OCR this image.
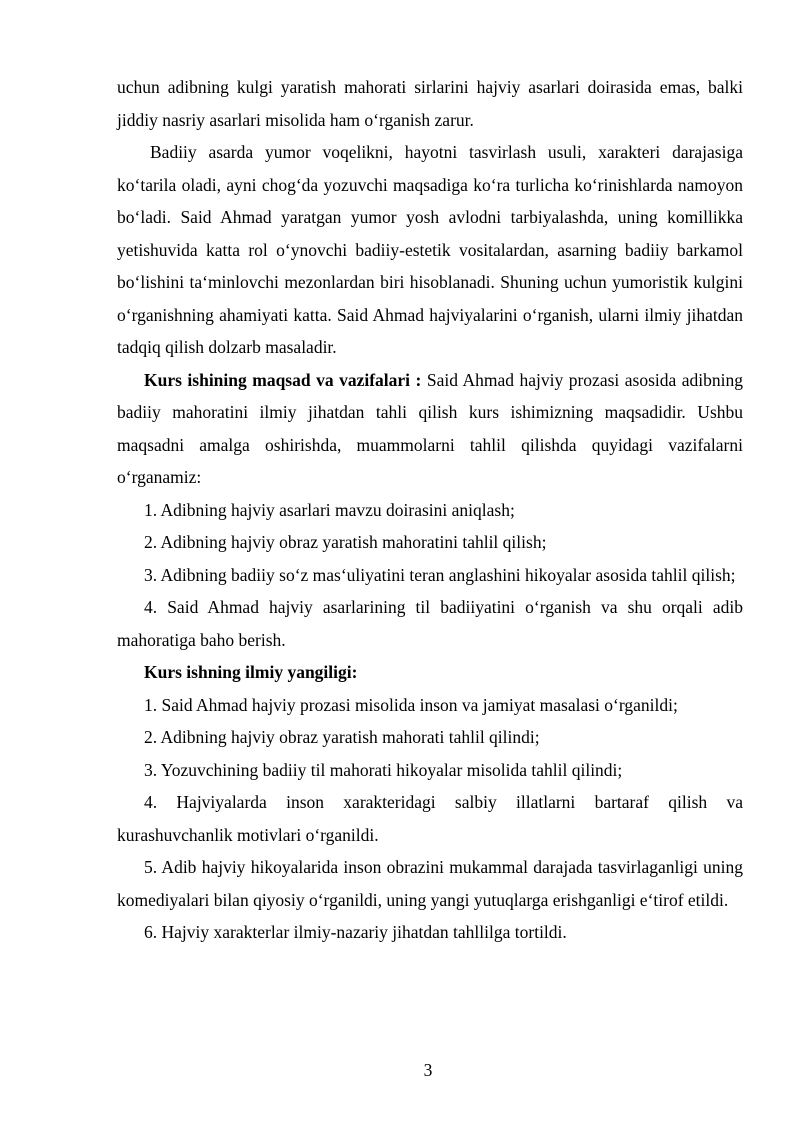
uchun adibning kulgi yaratish mahorati sirlarini hajviy asarlari doirasida emas, balki jiddiy nasriy asarlari misolida ham o‘rganish zarur.

Badiiy asarda yumor voqelikni, hayotni tasvirlash usuli, xarakteri darajasiga ko‘tarila oladi, ayni chog‘da yozuvchi maqsadiga ko‘ra turlicha ko‘rinishlarda namoyon bo‘ladi. Said Ahmad yaratgan yumor yosh avlodni tarbiyalashda, uning komillikka yetishuvida katta rol o‘ynovchi badiiy-estetik vositalardan, asarning badiiy barkamol bo‘lishini ta‘minlovchi mezonlardan biri hisoblanadi. Shuning uchun yumoristik kulgini o‘rganishning ahamiyati katta. Said Ahmad hajviyalarini o‘rganish, ularni ilmiy jihatdan tadqiq qilish dolzarb masaladir.

Kurs ishining maqsad va vazifalari : Said Ahmad hajviy prozasi asosida adibning badiiy mahoratini ilmiy jihatdan tahli qilish kurs ishimizning maqsadidir. Ushbu maqsadni amalga oshirishda, muammolarni tahlil qilishda quyidagi vazifalarni o‘rganamiz:

1. Adibning hajviy asarlari mavzu doirasini aniqlash;

2. Adibning hajviy obraz yaratish mahoratini tahlil qilish;

3. Adibning badiiy so‘z mas‘uliyatini teran anglashini hikoyalar asosida tahlil qilish;

4. Said Ahmad hajviy asarlarining til badiiyatini o‘rganish va shu orqali adib mahoratiga baho berish.

Kurs ishning ilmiy yangiligi:

1. Said Ahmad hajviy prozasi misolida inson va jamiyat masalasi o‘rganildi;

2. Adibning hajviy obraz yaratish mahorati tahlil qilindi;

3. Yozuvchining badiiy til mahorati hikoyalar misolida tahlil qilindi;

4. Hajviyalarda inson xarakteridagi salbiy illatlarni bartaraf qilish va kurashuvchanlik motivlari o‘rganildi.

5. Adib hajviy hikoyalarida inson obrazini mukammal darajada tasvirlaganligi uning komediyalari bilan qiyosiy o‘rganildi, uning yangi yutuqlarga erishganligi e‘tirof etildi.

6. Hajviy xarakterlar ilmiy-nazariy jihatdan tahllilga tortildi.

3
